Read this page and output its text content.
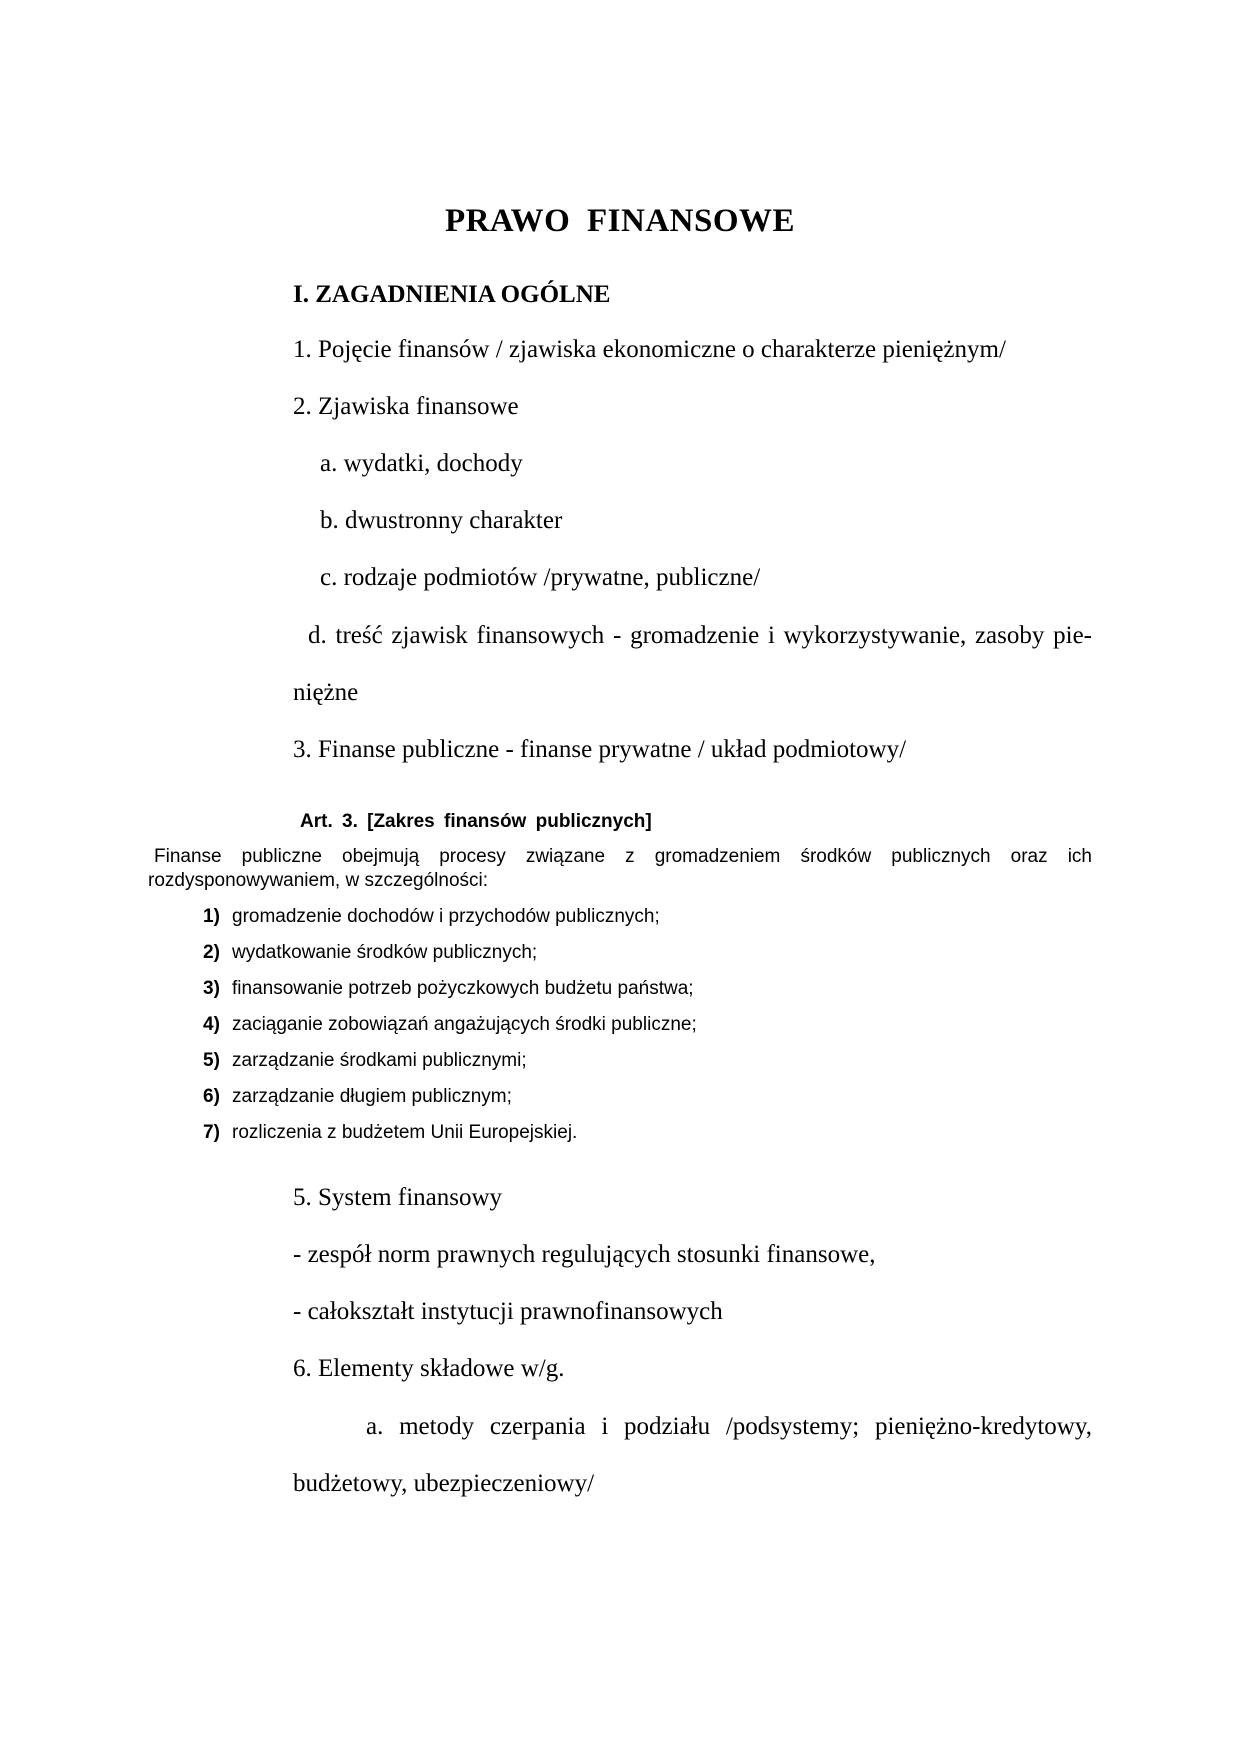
PRAWO FINANSOWE
I. ZAGADNIENIA OGÓLNE
1. Pojęcie finansów / zjawiska ekonomiczne o charakterze pieniężnym/
2. Zjawiska finansowe
a. wydatki, dochody
b. dwustronny charakter
c. rodzaje podmiotów /prywatne, publiczne/
d. treść zjawisk finansowych - gromadzenie i wykorzystywanie, zasoby pie-
niężne
3. Finanse publiczne - finanse prywatne / układ podmiotowy/
Art. 3. [Zakres finansów publicznych]
Finanse publiczne obejmują procesy związane z gromadzeniem środków publicznych oraz ich
rozdysponowywaniem, w szczególności:
1) gromadzenie dochodów i przychodów publicznych;
2) wydatkowanie środków publicznych;
3) finansowanie potrzeb pożyczkowych budżetu państwa;
4) zaciąganie zobowiązań angażujących środki publiczne;
5) zarządzanie środkami publicznymi;
6) zarządzanie długiem publicznym;
7) rozliczenia z budżetem Unii Europejskiej.
5. System finansowy
- zespół norm prawnych regulujących stosunki finansowe,
- całokształt instytucji prawnofinansowych
6. Elementy składowe w/g.
a. metody czerpania i podziału /podsystemy; pieniężno-kredytowy,
budżetowy, ubezpieczeniowy/
